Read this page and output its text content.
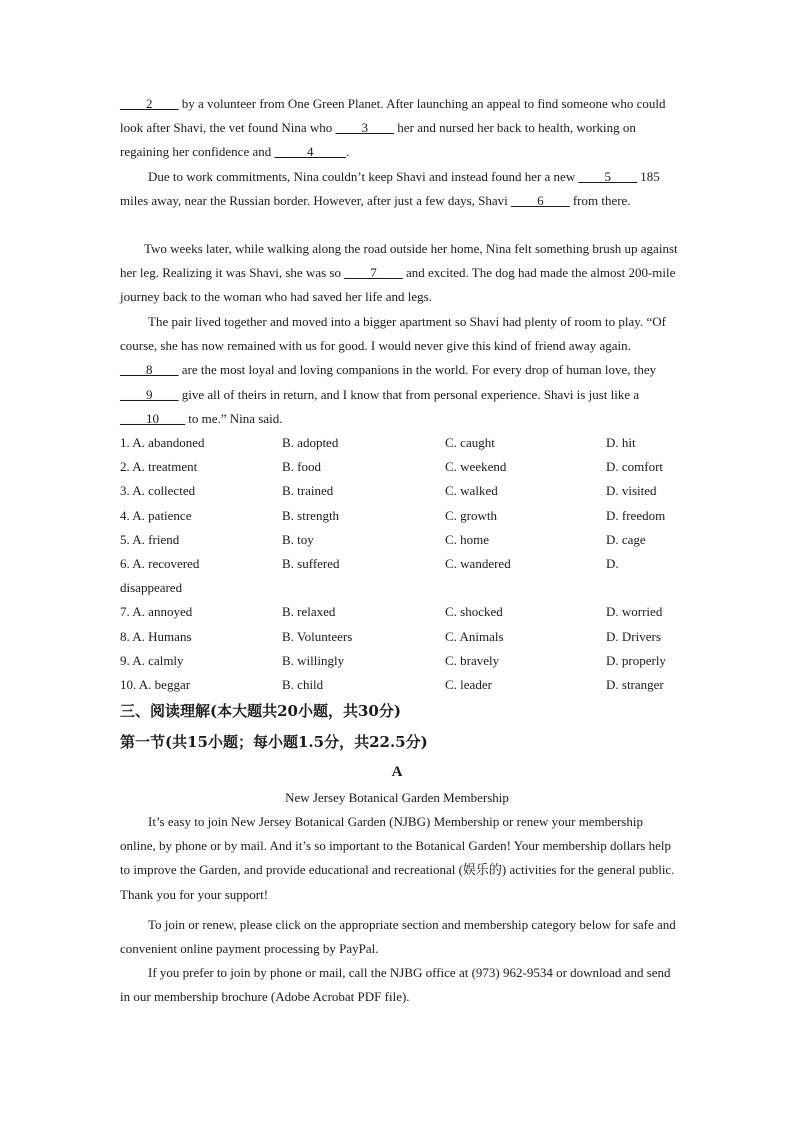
____2____ by a volunteer from One Green Planet. After launching an appeal to find someone who could look after Shavi, the vet found Nina who ____3____ her and nursed her back to health, working on regaining her confidence and _____4_____.
Due to work commitments, Nina couldn’t keep Shavi and instead found her a new ____5____ 185 miles away, near the Russian border. However, after just a few days, Shavi ____6____ from there.
Two weeks later, while walking along the road outside her home, Nina felt something brush up against her leg. Realizing it was Shavi, she was so ____7____ and excited. The dog had made the almost 200-mile journey back to the woman who had saved her life and legs.
The pair lived together and moved into a bigger apartment so Shavi had plenty of room to play. “Of course, she has now remained with us for good. I would never give this kind of friend away again. ____8____ are the most loyal and loving companions in the world. For every drop of human love, they ____9____ give all of theirs in return, and I know that from personal experience. Shavi is just like a ____10____ to me.” Nina said.
1. A. abandoned	B. adopted	C. caught	D. hit
2. A. treatment	B. food	C. weekend	D. comfort
3. A. collected	B. trained	C. walked	D. visited
4. A. patience	B. strength	C. growth	D. freedom
5. A. friend	B. toy	C. home	D. cage
6. A. recovered	B. suffered	C. wandered	D.
disappeared
7. A. annoyed	B. relaxed	C. shocked	D. worried
8. A. Humans	B. Volunteers	C. Animals	D. Drivers
9. A. calmly	B. willingly	C. bravely	D. properly
10. A. beggar	B. child	C. leader	D. stranger
三、阅读理解(本大题共20小题，共30分)
第一节(共15小题；每小题1.5分，共22.5分)
A
New Jersey Botanical Garden Membership
It’s easy to join New Jersey Botanical Garden (NJBG) Membership or renew your membership online, by phone or by mail. And it’s so important to the Botanical Garden! Your membership dollars help to improve the Garden, and provide educational and recreational (娱乐的) activities for the general public. Thank you for your support!
To join or renew, please click on the appropriate section and membership category below for safe and convenient online payment processing by PayPal.
If you prefer to join by phone or mail, call the NJBG office at (973) 962-9534 or download and send in our membership brochure (Adobe Acrobat PDF file).
